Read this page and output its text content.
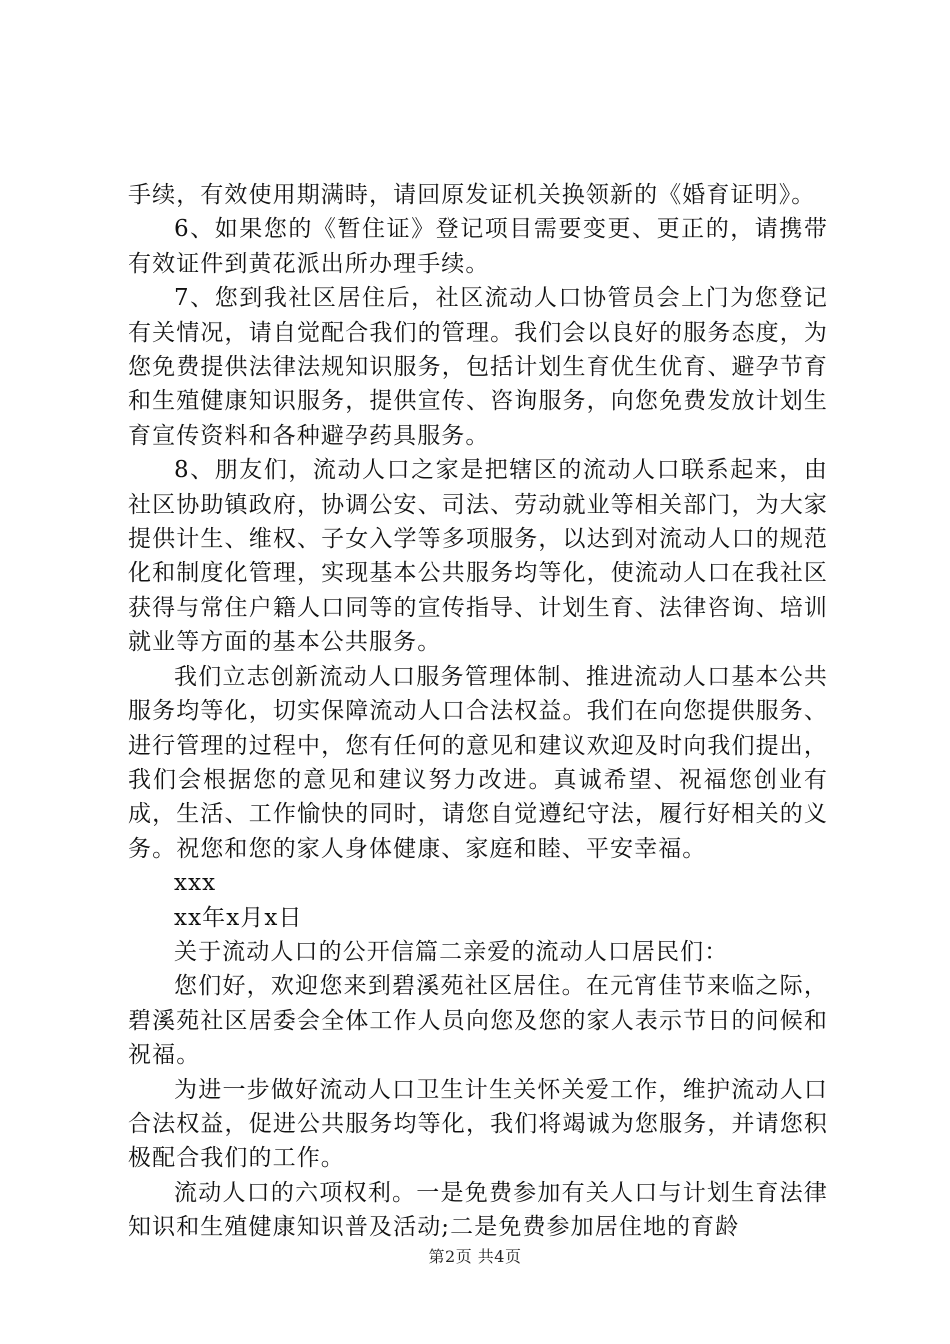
手续，有效使用期满時，请回原发证机关换领新的《婚育证明》。

6、如果您的《暂住证》登记项目需要变更、更正的，请携带有效证件到黄花派出所办理手续。

7、您到我社区居住后，社区流动人口协管员会上门为您登记有关情况，请自觉配合我们的管理。我们会以良好的服务态度，为您免费提供法律法规知识服务，包括计划生育优生优育、避孕节育和生殖健康知识服务，提供宣传、咨询服务，向您免费发放计划生育宣传资料和各种避孕药具服务。

8、朋友们，流动人口之家是把辖区的流动人口联系起来，由社区协助镇政府，协调公安、司法、劳动就业等相关部门，为大家提供计生、维权、子女入学等多项服务，以达到对流动人口的规范化和制度化管理，实现基本公共服务均等化，使流动人口在我社区获得与常住户籍人口同等的宣传指导、计划生育、法律咨询、培训就业等方面的基本公共服务。

我们立志创新流动人口服务管理体制、推进流动人口基本公共服务均等化，切实保障流动人口合法权益。我们在向您提供服务、进行管理的过程中，您有任何的意见和建议欢迎及时向我们提出，我们会根据您的意见和建议努力改进。真诚希望、祝福您创业有成，生活、工作愉快的同时，请您自觉遵纪守法，履行好相关的义务。祝您和您的家人身体健康、家庭和睦、平安幸福。

xxx

xx年x月x日

关于流动人口的公开信篇二亲爱的流动人口居民们：

您们好，欢迎您来到碧溪苑社区居住。在元宵佳节来临之际，碧溪苑社区居委会全体工作人员向您及您的家人表示节日的问候和祝福。

为进一步做好流动人口卫生计生关怀关爱工作，维护流动人口合法权益，促进公共服务均等化，我们将竭诚为您服务，并请您积极配合我们的工作。

流动人口的六项权利。一是免费参加有关人口与计划生育法律知识和生殖健康知识普及活动;二是免费参加居住地的育龄

第2页 共4页
